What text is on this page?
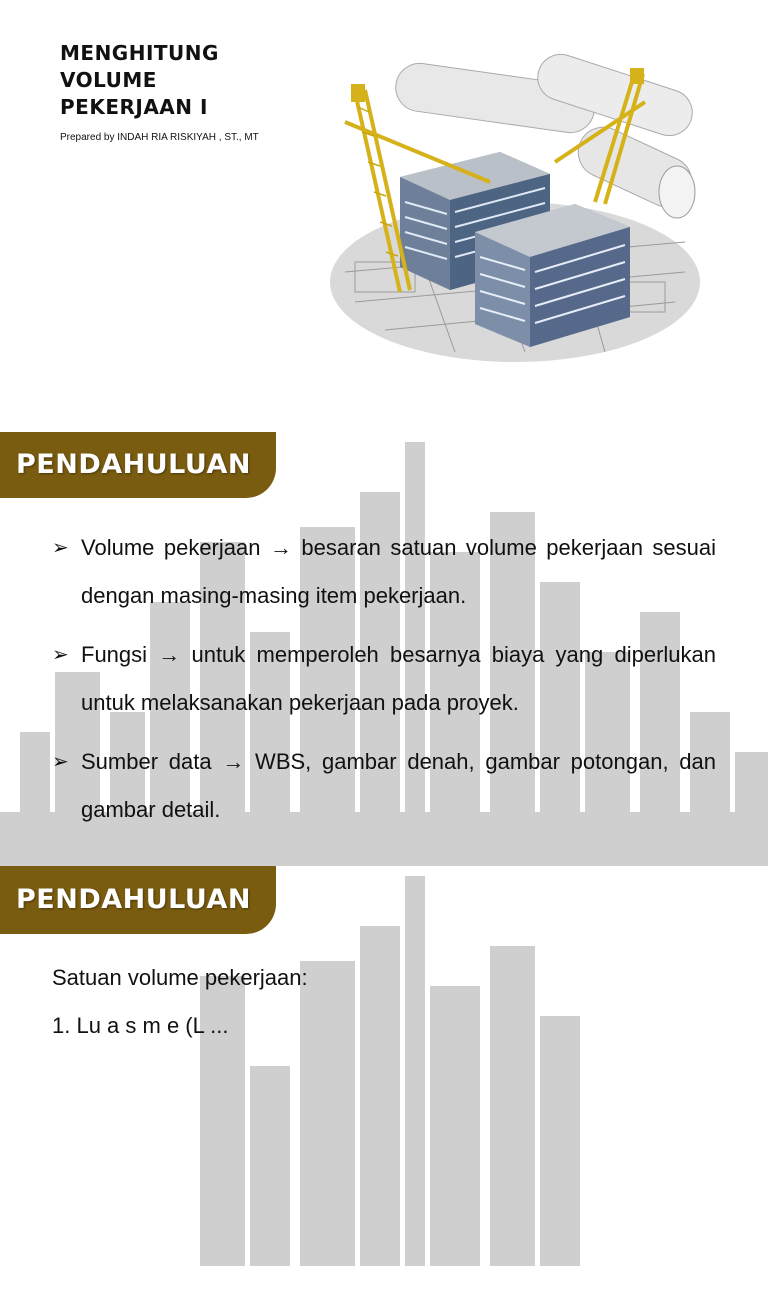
MENGHITUNG
VOLUME
PEKERJAAN I
Prepared by INDAH RIA RISKIYAH , ST., MT
PENDAHULUAN
➢ Volume pekerjaan → besaran satuan volume pekerjaan sesuai dengan masing-masing item pekerjaan.
➢ Fungsi → untuk memperoleh besarnya biaya yang diperlukan untuk melaksanakan pekerjaan pada proyek.
➢ Sumber data → WBS, gambar denah, gambar potongan, dan gambar detail.
PENDAHULUAN
Satuan volume pekerjaan:
1. Lu a s m e (L ...
